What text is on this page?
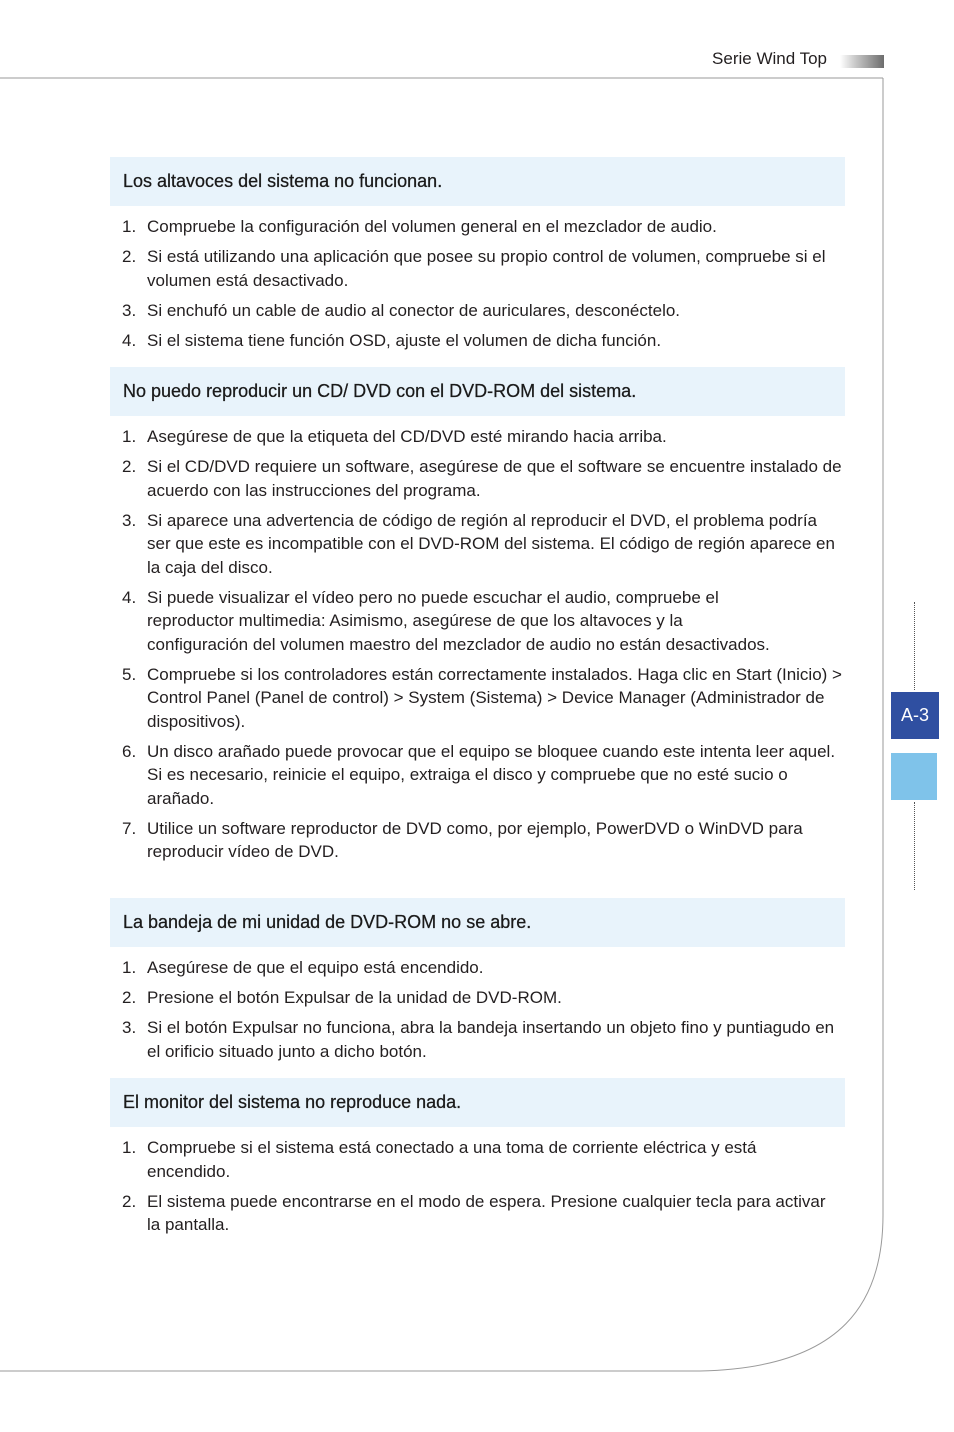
Serie Wind Top
Los altavoces del sistema no funcionan.
1. Compruebe la configuración del volumen general en el mezclador de audio.
2. Si está utilizando una aplicación que posee su propio control de volumen, compruebe si el volumen está desactivado.
3. Si enchufó un cable de audio al conector de auriculares, desconéctelo.
4. Si el sistema tiene función OSD, ajuste el volumen de dicha función.
No puedo reproducir un CD/ DVD con el DVD-ROM del sistema.
1. Asegúrese de que la etiqueta del CD/DVD esté mirando hacia arriba.
2. Si el CD/DVD requiere un software, asegúrese de que el software se encuentre instalado de acuerdo con las instrucciones del programa.
3. Si aparece una advertencia de código de región al reproducir el DVD, el problema podría ser que este es incompatible con el DVD-ROM del sistema. El código de región aparece en la caja del disco.
4. Si puede visualizar el vídeo pero no puede escuchar el audio, compruebe el reproductor multimedia: Asimismo, asegúrese de que los altavoces y la configuración del volumen maestro del mezclador de audio no están desactivados.
5. Compruebe si los controladores están correctamente instalados. Haga clic en Start (Inicio) > Control Panel (Panel de control) > System (Sistema) > Device Manager (Administrador de dispositivos).
6. Un disco arañado puede provocar que el equipo se bloquee cuando este intenta leer aquel. Si es necesario, reinicie el equipo, extraiga el disco y compruebe que no esté sucio o arañado.
7. Utilice un software reproductor de DVD como, por ejemplo, PowerDVD o WinDVD para reproducir vídeo de DVD.
La bandeja de mi unidad de DVD-ROM no se abre.
1. Asegúrese de que el equipo está encendido.
2. Presione el botón Expulsar de la unidad de DVD-ROM.
3. Si el botón Expulsar no funciona, abra la bandeja insertando un objeto fino y puntiagudo en el orificio situado junto a dicho botón.
El monitor del sistema no reproduce nada.
1. Compruebe si el sistema está conectado a una toma de corriente eléctrica y está encendido.
2. El sistema puede encontrarse en el modo de espera. Presione cualquier tecla para activar la pantalla.
A-3
